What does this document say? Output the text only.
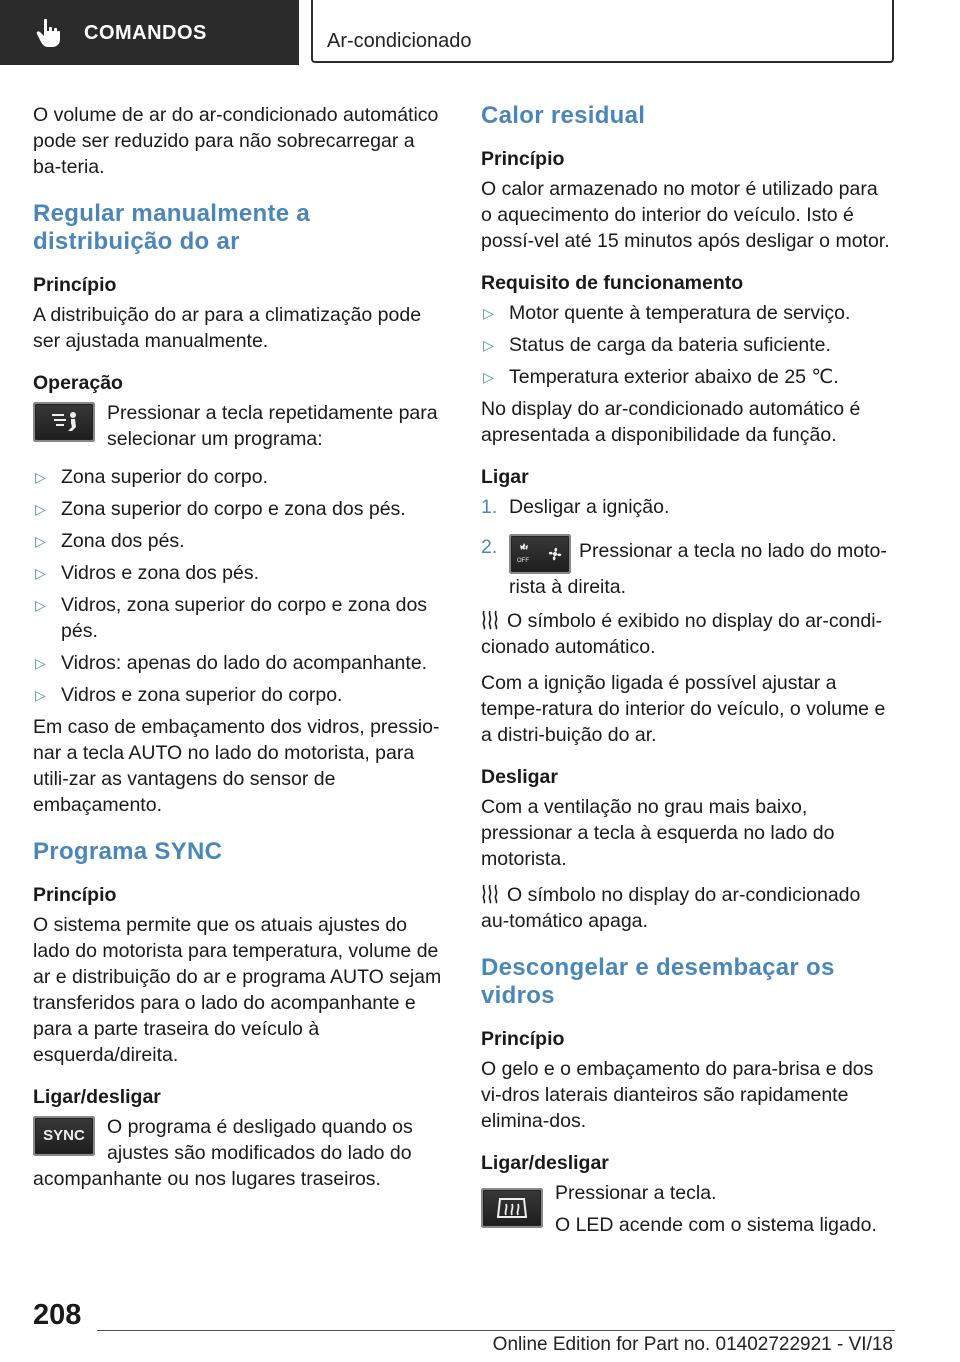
COMANDOS	Ar-condicionado

O volume de ar do ar-condicionado automático pode ser reduzido para não sobrecarregar a ba-teria.

Regular manualmente a distribuição do ar
Princípio

A distribuição do ar para a climatização pode ser ajustada manualmente.

Operação
Pressionar a tecla repetidamente para selecionar um programa:
▷ Zona superior do corpo.
▷ Zona superior do corpo e zona dos pés.
▷ Zona dos pés.
▷ Vidros e zona dos pés.
▷ Vidros, zona superior do corpo e zona dos pés.
▷ Vidros: apenas do lado do acompanhante.
▷ Vidros e zona superior do corpo.

Em caso de embaçamento dos vidros, pressio-nar a tecla AUTO no lado do motorista, para utili-zar as vantagens do sensor de embaçamento.

Programa SYNC
Princípio

O sistema permite que os atuais ajustes do lado do motorista para temperatura, volume de ar e distribuição do ar e programa AUTO sejam transferidos para o lado do acompanhante e para a parte traseira do veículo à esquerda/direita.

Ligar/desligar
SYNC	O programa é desligado quando os ajustes são modificados do lado do acompanhante ou nos lugares traseiros.
Calor residual
Princípio

O calor armazenado no motor é utilizado para o aquecimento do interior do veículo. Isto é possí-vel até 15 minutos após desligar o motor.

Requisito de funcionamento
▷ Motor quente à temperatura de serviço.
▷ Status de carga da bateria suficiente.
▷ Temperatura exterior abaixo de 25 ℃.

No display do ar-condicionado automático é apresentada a disponibilidade da função.

Ligar
1. Desligar a ignição.
2.
OFF	Pressionar a tecla no lado do moto-rista à direita.

O símbolo é exibido no display do ar-condi-cionado automático.

Com a ignição ligada é possível ajustar a tempe-ratura do interior do veículo, o volume e a distri-buição do ar.

Desligar

Com a ventilação no grau mais baixo, pressionar a tecla à esquerda no lado do motorista.

O símbolo no display do ar-condicionado au-tomático apaga.

Descongelar e desembaçar os vidros
Princípio

O gelo e o embaçamento do para-brisa e dos vi-dros laterais dianteiros são rapidamente elimina-dos.

Ligar/desligar

Pressionar a tecla.

O LED acende com o sistema ligado.

208
Online Edition for Part no. 01402722921 - VI/18
